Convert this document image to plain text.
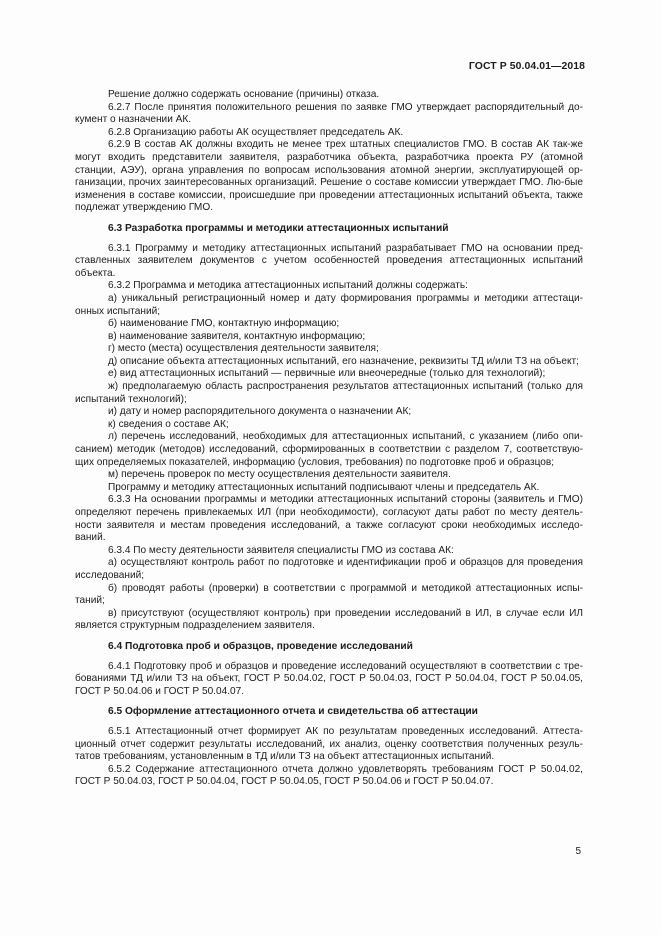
ГОСТ Р 50.04.01—2018

Решение должно содержать основание (причины) отказа.

6.2.7 После принятия положительного решения по заявке ГМО утверждает распорядительный до-кумент о назначении АК.

6.2.8 Организацию работы АК осуществляет председатель АК.

6.2.9 В состав АК должны входить не менее трех штатных специалистов ГМО. В состав АК так-же могут входить представители заявителя, разработчика объекта, разработчика проекта РУ (атомной станции, АЭУ), органа управления по вопросам использования атомной энергии, эксплуатирующей ор-ганизации, прочих заинтересованных организаций. Решение о составе комиссии утверждает ГМО. Лю-бые изменения в составе комиссии, происшедшие при проведении аттестационных испытаний объекта, также подлежат утверждению ГМО.

6.3 Разработка программы и методики аттестационных испытаний

6.3.1 Программу и методику аттестационных испытаний разрабатывает ГМО на основании пред-ставленных заявителем документов с учетом особенностей проведения аттестационных испытаний объекта.

6.3.2 Программа и методика аттестационных испытаний должны содержать:

а) уникальный регистрационный номер и дату формирования программы и методики аттестаци-онных испытаний;

б) наименование ГМО, контактную информацию;

в) наименование заявителя, контактную информацию;

г) место (места) осуществления деятельности заявителя;

д) описание объекта аттестационных испытаний, его назначение, реквизиты ТД и/или ТЗ на объект;

е) вид аттестационных испытаний — первичные или внеочередные (только для технологий);

ж) предполагаемую область распространения результатов аттестационных испытаний (только для испытаний технологий);

и) дату и номер распорядительного документа о назначении АК;

к) сведения о составе АК;

л) перечень исследований, необходимых для аттестационных испытаний, с указанием (либо опи-санием) методик (методов) исследований, сформированных в соответствии с разделом 7, соответствую-щих определяемых показателей, информацию (условия, требования) по подготовке проб и образцов;

м) перечень проверок по месту осуществления деятельности заявителя.

Программу и методику аттестационных испытаний подписывают члены и председатель АК.

6.3.3 На основании программы и методики аттестационных испытаний стороны (заявитель и ГМО) определяют перечень привлекаемых ИЛ (при необходимости), согласуют даты работ по месту деятель-ности заявителя и местам проведения исследований, а также согласуют сроки необходимых исследо-ваний.

6.3.4 По месту деятельности заявителя специалисты ГМО из состава АК:

а) осуществляют контроль работ по подготовке и идентификации проб и образцов для проведения исследований;

б) проводят работы (проверки) в соответствии с программой и методикой аттестационных испы-таний;

в) присутствуют (осуществляют контроль) при проведении исследований в ИЛ, в случае если ИЛ является структурным подразделением заявителя.

6.4 Подготовка проб и образцов, проведение исследований

6.4.1 Подготовку проб и образцов и проведение исследований осуществляют в соответствии с тре-бованиями ТД и/или ТЗ на объект, ГОСТ Р 50.04.02, ГОСТ Р 50.04.03, ГОСТ Р 50.04.04, ГОСТ Р 50.04.05, ГОСТ Р 50.04.06 и ГОСТ Р 50.04.07.

6.5 Оформление аттестационного отчета и свидетельства об аттестации

6.5.1 Аттестационный отчет формирует АК по результатам проведенных исследований. Аттеста-ционный отчет содержит результаты исследований, их анализ, оценку соответствия полученных резуль-татов требованиям, установленным в ТД и/или ТЗ на объект аттестационных испытаний.

6.5.2 Содержание аттестационного отчета должно удовлетворять требованиям ГОСТ Р 50.04.02, ГОСТ Р 50.04.03, ГОСТ Р 50.04.04, ГОСТ Р 50.04.05, ГОСТ Р 50.04.06 и ГОСТ Р 50.04.07.

5
